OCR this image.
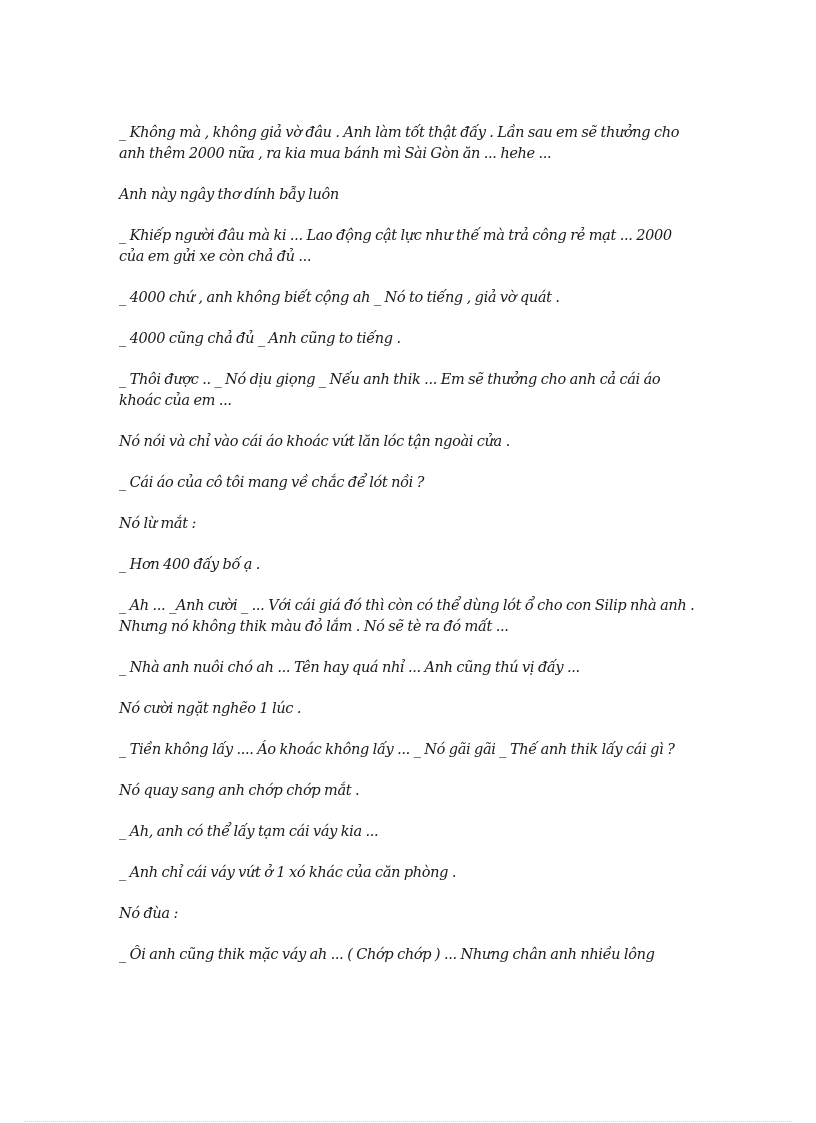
_ Không mà , không giả vờ đâu . Anh làm tốt thật đấy . Lần sau em sẽ thưởng cho anh thêm 2000 nữa , ra kia mua bánh mì Sài Gòn ăn ... hehe ...

Anh này ngây thơ dính bẫy luôn

_ Khiếp người đâu mà ki ... Lao động cật lực như thế mà trả công rẻ mạt ... 2000 của em gửi xe còn chả đủ ...

_ 4000 chứ , anh không biết cộng ah _ Nó to tiếng , giả vờ quát .

_ 4000 cũng chả đủ _ Anh cũng to tiếng .

_ Thôi được .. _ Nó dịu giọng _ Nếu anh thik ... Em sẽ thưởng cho anh cả cái áo khoác của em ...

Nó nói và chỉ vào cái áo khoác vứt lăn lóc tận ngoài cửa .

_ Cái áo của cô tôi mang về chắc để lót nồi ?

Nó lừ mắt :

_ Hơn 400 đấy bố ạ .

_ Ah ... _Anh cười _ ... Với cái giá đó thì còn có thể dùng lót ổ cho con Silip nhà anh . Nhưng nó không thik màu đỏ lắm . Nó sẽ tè ra đó mất ...

_ Nhà anh nuôi chó ah ... Tên hay quá nhỉ ... Anh cũng thú vị đấy ...

Nó cười ngặt nghẽo 1 lúc .

_ Tiền không lấy .... Áo khoác không lấy ... _ Nó gãi gãi _ Thế anh thik lấy cái gì ?

Nó quay sang anh chớp chớp mắt .

_ Ah, anh có thể lấy tạm cái váy kia ...

_ Anh chỉ cái váy vứt ở 1 xó khác của căn phòng .

Nó đùa :

_ Ôi anh cũng thik mặc váy ah ... ( Chớp chớp ) ... Nhưng chân anh nhiều lông
